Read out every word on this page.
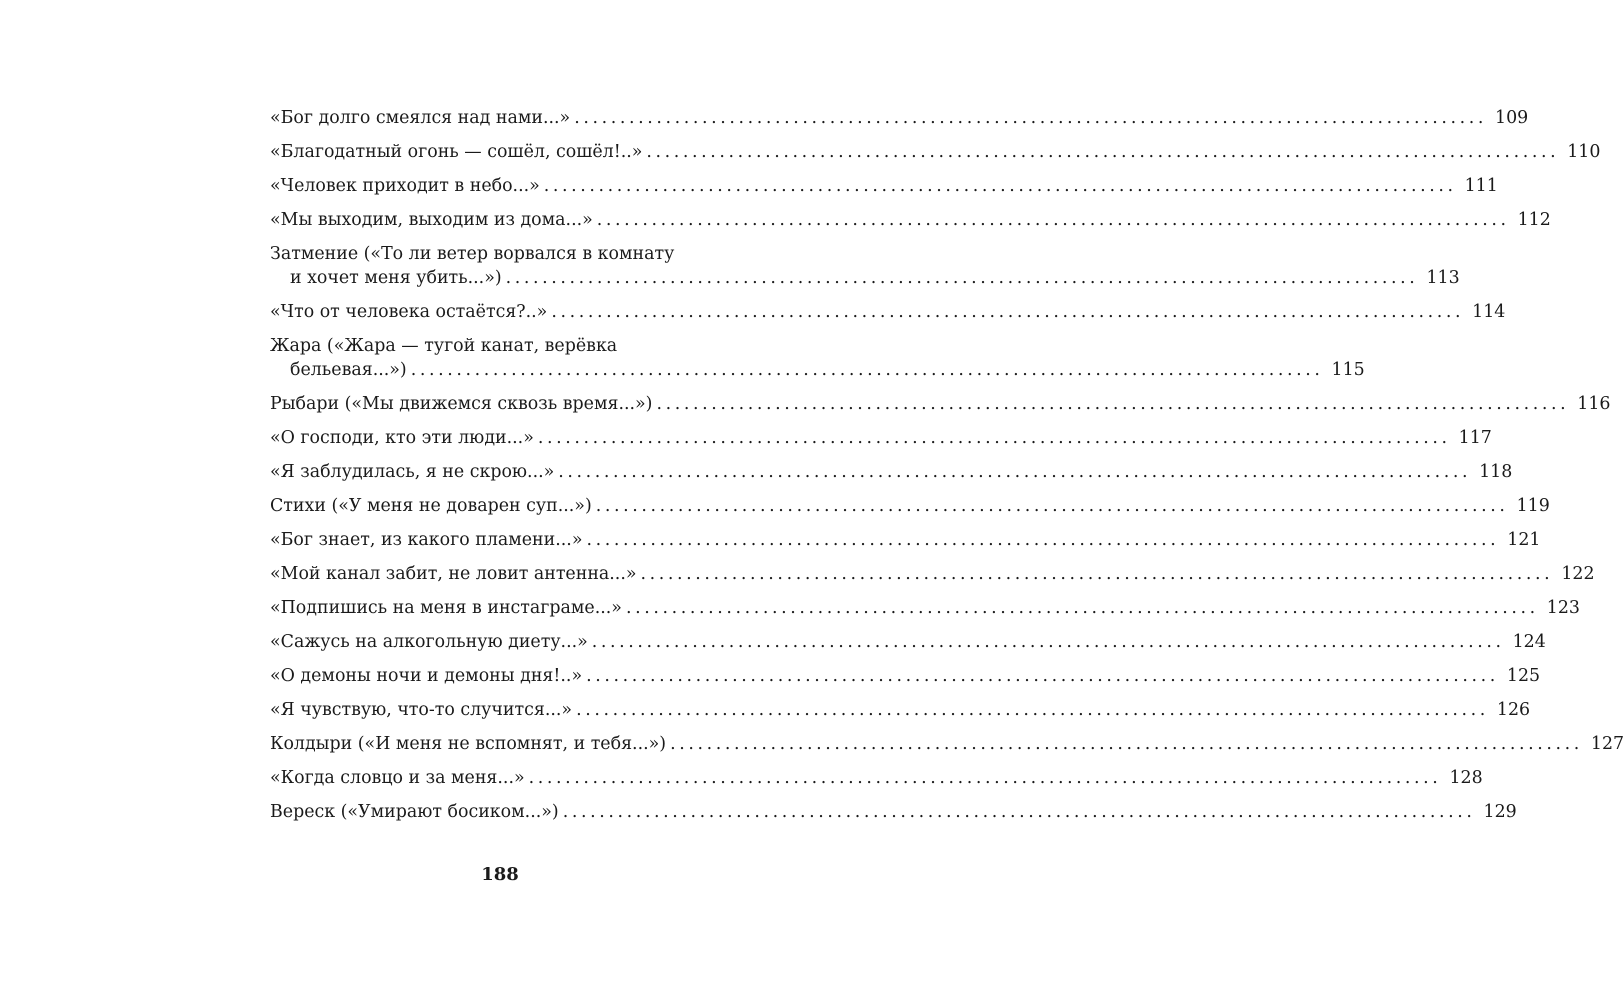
«Бог долго смеялся над нами...» .................................................................................................... 109
«Благодатный огонь — сошёл, сошёл!..» .................................................................................................... 110
«Человек приходит в небо...» .................................................................................................... 111
«Мы выходим, выходим из дома...» .................................................................................................... 112
Затмение («То ли ветер ворвался в комнату
и хочет меня убить...») .................................................................................................... 113
«Что от человека остаётся?..» .................................................................................................... 114
Жара («Жара — тугой канат, верёвка
бельевая...») .................................................................................................... 115
Рыбари («Мы движемся сквозь время...») .................................................................................................... 116
«О господи, кто эти люди...» .................................................................................................... 117
«Я заблудилась, я не скрою...» .................................................................................................... 118
Стихи («У меня не доварен суп...») .................................................................................................... 119
«Бог знает, из какого пламени...» .................................................................................................... 121
«Мой канал забит, не ловит антенна...» .................................................................................................... 122
«Подпишись на меня в инстаграме...» .................................................................................................... 123
«Сажусь на алкогольную диету...» .................................................................................................... 124
«О демоны ночи и демоны дня!..» .................................................................................................... 125
«Я чувствую, что-то случится...» .................................................................................................... 126
Колдыри («И меня не вспомнят, и тебя...») .................................................................................................... 127
«Когда словцо и за меня...» .................................................................................................... 128
Вереск («Умирают босиком...») .................................................................................................... 129
188
